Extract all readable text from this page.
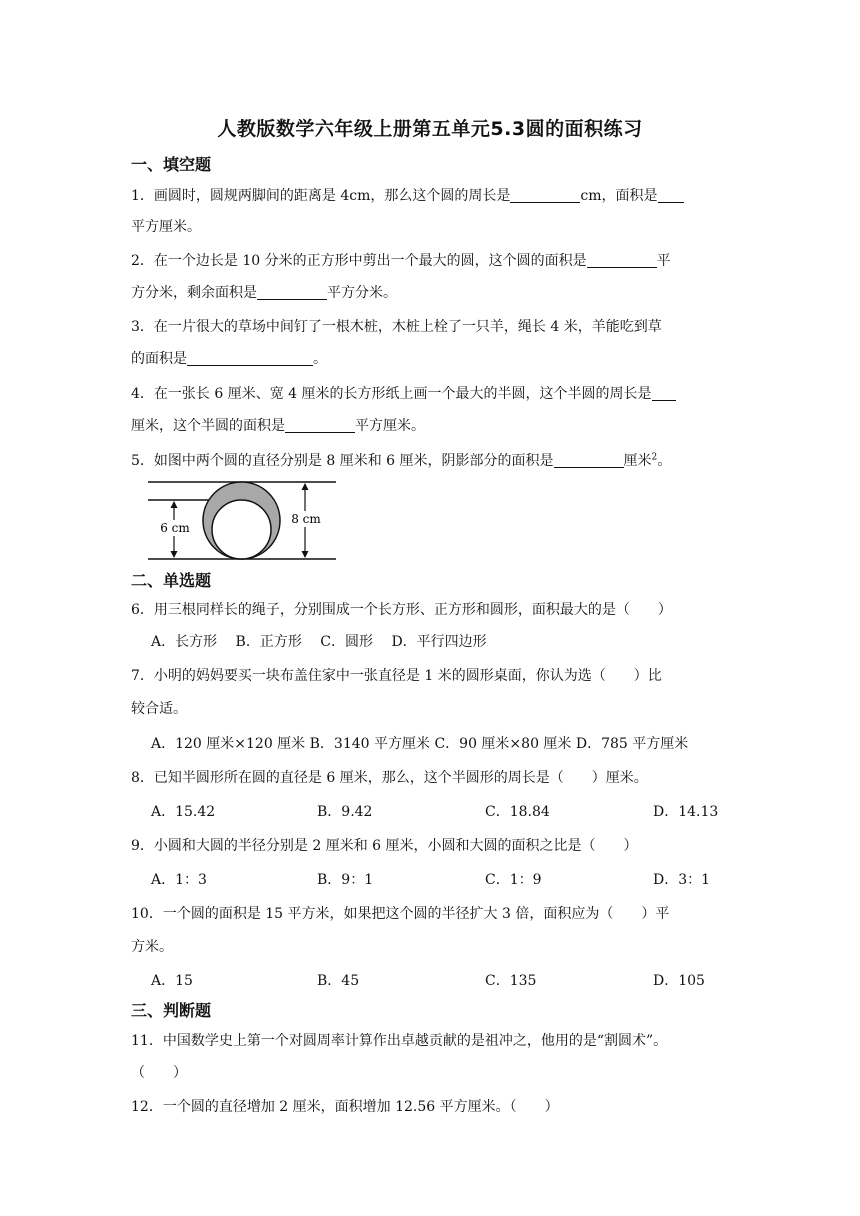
人教版数学六年级上册第五单元5.3圆的面积练习
一、填空题
1．画圆时，圆规两脚间的距离是 4cm，那么这个圆的周长是	cm，面积是
平方厘米。
2．在一个边长是 10 分米的正方形中剪出一个最大的圆，这个圆的面积是	平
方分米，剩余面积是	平方分米。
3．在一片很大的草场中间钉了一根木桩，木桩上栓了一只羊，绳长 4 米，羊能吃到草
的面积是	。
4．在一张长 6 厘米、宽 4 厘米的长方形纸上画一个最大的半圆，这个半圆的周长是
厘米，这个半圆的面积是	平方厘米。
5．如图中两个圆的直径分别是 8 厘米和 6 厘米，阴影部分的面积是	厘米$^2$。
6 cm
8 cm
二、单选题
6．用三根同样长的绳子，分别围成一个长方形、正方形和圆形，面积最大的是（　　）
A．长方形　 B．正方形　 C．圆形　 D．平行四边形
7．小明的妈妈要买一块布盖住家中一张直径是 1 米的圆形桌面，你认为选（　　）比
较合适。
A．120 厘米×120 厘米 B．3140 平方厘米 C．90 厘米×80 厘米 D．785 平方厘米
8．已知半圆形所在圆的直径是 6 厘米，那么，这个半圆形的周长是（　　）厘米。
A．15.42	B．9.42	C．18.84	D．14.13
9．小圆和大圆的半径分别是 2 厘米和 6 厘米，小圆和大圆的面积之比是（　　）
A．1：3	B．9：1	C．1：9	D．3：1
10．一个圆的面积是 15 平方米，如果把这个圆的半径扩大 3 倍，面积应为（　　）平
方米。
A．15	B．45	C．135	D．105
三、判断题
11．中国数学史上第一个对圆周率计算作出卓越贡献的是祖冲之，他用的是“割圆术”。
（　　）
12．一个圆的直径增加 2 厘米，面积增加 12.56 平方厘米。（　　）
